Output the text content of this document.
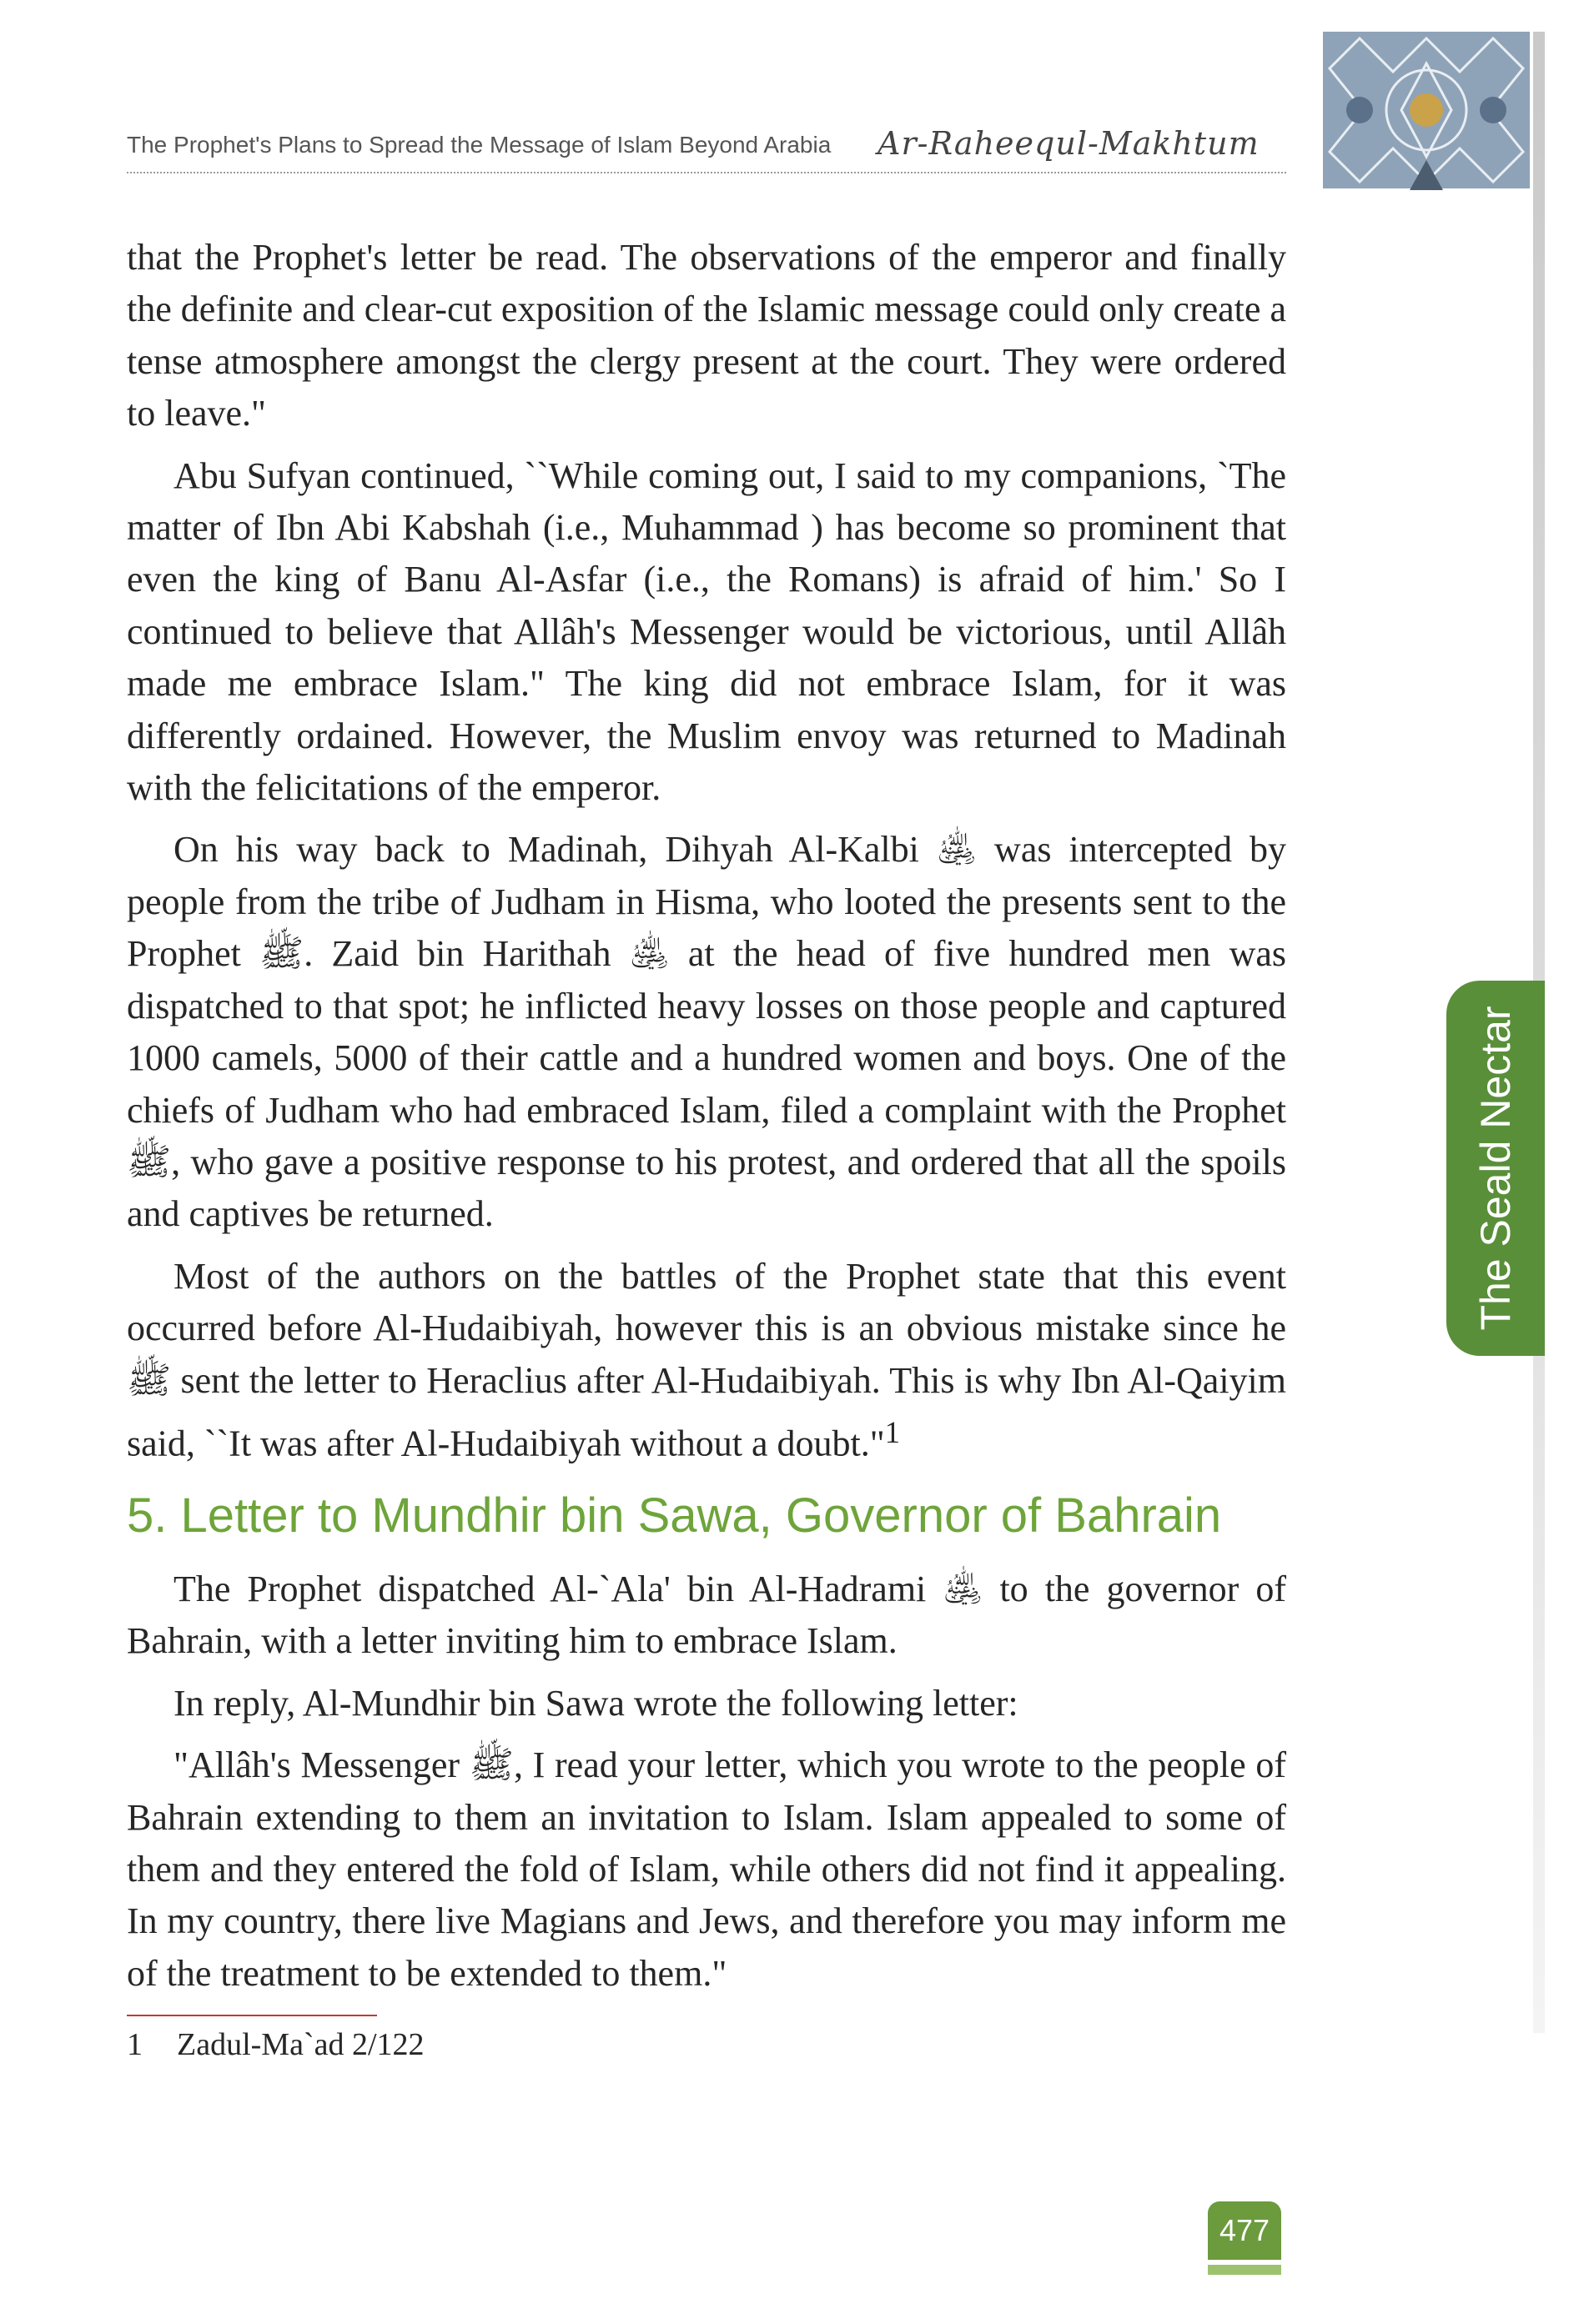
The Prophet's Plans to Spread the Message of Islam Beyond Arabia Ar-Raheequl-Makhtum
The Seald Nectar

that the Prophet's letter be read. The observations of the emperor and finally the definite and clear-cut exposition of the Islamic message could only create a tense atmosphere amongst the clergy present at the court. They were ordered to leave."

Abu Sufyan continued, ``While coming out, I said to my companions, `The matter of Ibn Abi Kabshah (i.e., Muhammad ) has become so prominent that even the king of Banu Al-Asfar (i.e., the Romans) is afraid of him.' So I continued to believe that Allâh's Messenger would be victorious, until Allâh made me embrace Islam." The king did not embrace Islam, for it was differently ordained. However, the Muslim envoy was returned to Madinah with the felicitations of the emperor.

On his way back to Madinah, Dihyah Al-Kalbi ﵁ was intercepted by people from the tribe of Judham in Hisma, who looted the presents sent to the Prophet ﷺ. Zaid bin Harithah ﵁ at the head of five hundred men was dispatched to that spot; he inflicted heavy losses on those people and captured 1000 camels, 5000 of their cattle and a hundred women and boys. One of the chiefs of Judham who had embraced Islam, filed a complaint with the Prophet ﷺ, who gave a positive response to his protest, and ordered that all the spoils and captives be returned.

Most of the authors on the battles of the Prophet state that this event occurred before Al-Hudaibiyah, however this is an obvious mistake since he ﷺ sent the letter to Heraclius after Al-Hudaibiyah. This is why Ibn Al-Qaiyim said, ``It was after Al-Hudaibiyah without a doubt."$^1$

5. Letter to Mundhir bin Sawa, Governor of Bahrain

The Prophet dispatched Al-`Ala' bin Al-Hadrami ﵁ to the governor of Bahrain, with a letter inviting him to embrace Islam.

In reply, Al-Mundhir bin Sawa wrote the following letter:

"Allâh's Messenger ﷺ, I read your letter, which you wrote to the people of Bahrain extending to them an invitation to Islam. Islam appealed to some of them and they entered the fold of Islam, while others did not find it appealing. In my country, there live Magians and Jews, and therefore you may inform me of the treatment to be extended to them."

1 Zadul-Ma`ad 2/122

477
